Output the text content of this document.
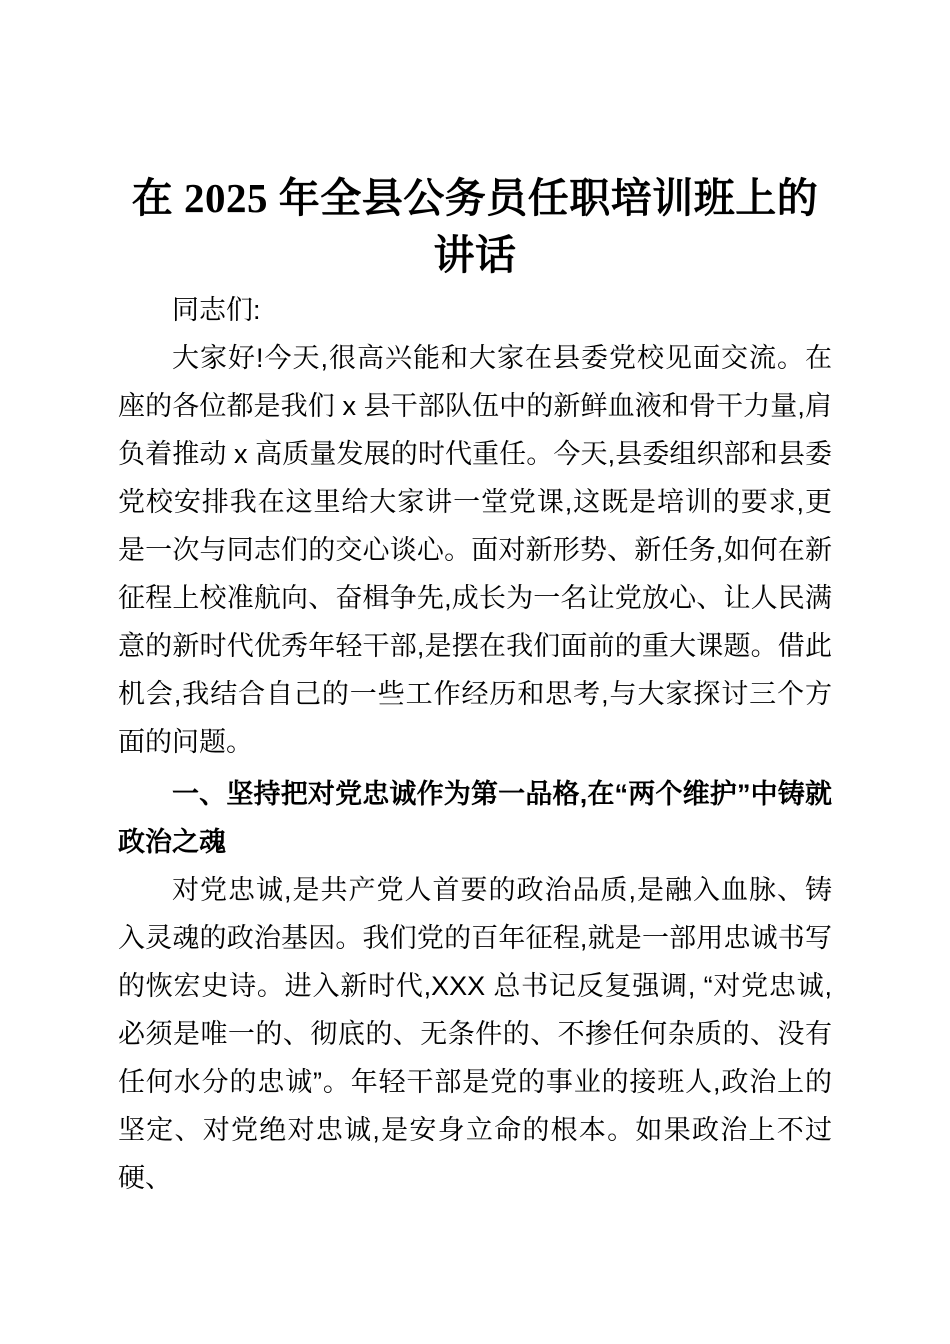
在 2025 年全县公务员任职培训班上的
讲话

同志们:

大家好!今天,很高兴能和大家在县委党校见面交流。在座的各位都是我们 x 县干部队伍中的新鲜血液和骨干力量,肩负着推动 x 高质量发展的时代重任。今天,县委组织部和县委党校安排我在这里给大家讲一堂党课,这既是培训的要求,更是一次与同志们的交心谈心。面对新形势、新任务,如何在新征程上校准航向、奋楫争先,成长为一名让党放心、让人民满意的新时代优秀年轻干部,是摆在我们面前的重大课题。借此机会,我结合自己的一些工作经历和思考,与大家探讨三个方面的问题。

一、坚持把对党忠诚作为第一品格,在“两个维护”中铸就政治之魂

对党忠诚,是共产党人首要的政治品质,是融入血脉、铸入灵魂的政治基因。我们党的百年征程,就是一部用忠诚书写的恢宏史诗。进入新时代,XXX 总书记反复强调, “对党忠诚,必须是唯一的、彻底的、无条件的、不掺任何杂质的、没有任何水分的忠诚”。年轻干部是党的事业的接班人,政治上的坚定、对党绝对忠诚,是安身立命的根本。如果政治上不过硬、
